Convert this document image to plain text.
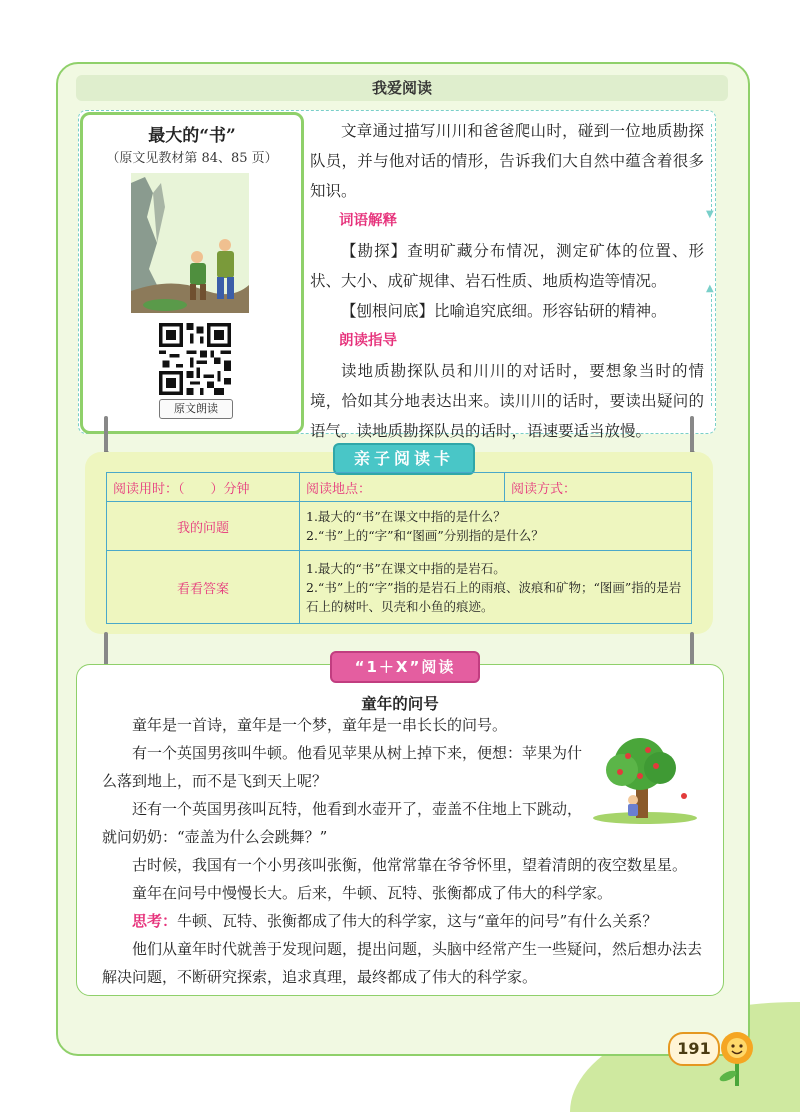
我爱阅读
▼
▲
最大的“书”
（原文见教材第 84、85 页）
原文朗读

文章通过描写川川和爸爸爬山时，碰到一位地质勘探队员，并与他对话的情形，告诉我们大自然中蕴含着很多知识。

词语解释

【勘探】查明矿藏分布情况，测定矿体的位置、形状、大小、成矿规律、岩石性质、地质构造等情况。

【刨根问底】比喻追究底细。形容钻研的精神。

朗读指导

读地质勘探队员和川川的对话时，要想象当时的情境，恰如其分地表达出来。读川川的话时，要读出疑问的语气。读地质勘探队员的话时，语速要适当放慢。

亲子阅读卡
阅读用时：（　　）分钟	阅读地点：	阅读方式：
我的问题	1.最大的“书”在课文中指的是什么？
2.“书”上的“字”和“图画”分别指的是什么？	

看看答案	1.最大的“书”在课文中指的是岩石。
2.“书”上的“字”指的是岩石上的雨痕、波痕和矿物；“图画”指的是岩石上的树叶、贝壳和小鱼的痕迹。	
“1＋X”阅读
童年的问号

童年是一首诗，童年是一个梦，童年是一串长长的问号。

有一个英国男孩叫牛顿。他看见苹果从树上掉下来，便想：苹果为什么落到地上，而不是飞到天上呢？

还有一个英国男孩叫瓦特，他看到水壶开了，壶盖不住地上下跳动，就问奶奶：“壶盖为什么会跳舞？”

古时候，我国有一个小男孩叫张衡，他常常靠在爷爷怀里，望着清朗的夜空数星星。

童年在问号中慢慢长大。后来，牛顿、瓦特、张衡都成了伟大的科学家。

思考：牛顿、瓦特、张衡都成了伟大的科学家，这与“童年的问号”有什么关系？

他们从童年时代就善于发现问题，提出问题，头脑中经常产生一些疑问，然后想办法去解决问题，不断研究探索，追求真理，最终都成了伟大的科学家。

191
